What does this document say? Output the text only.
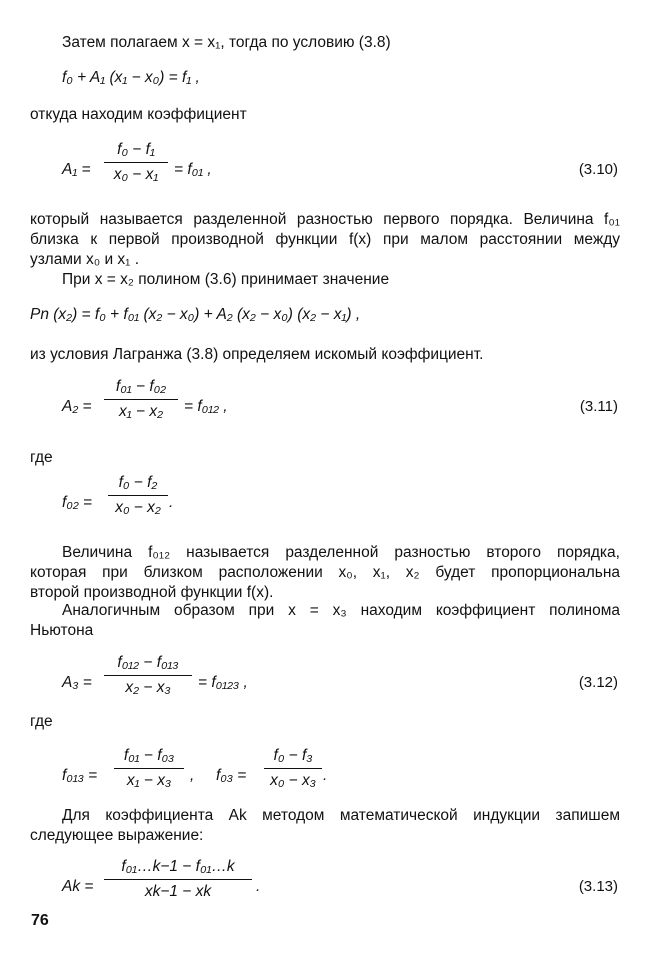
Затем полагаем x = x₁, тогда по условию (3.8)
f₀ + A₁ (x₁ − x₀) = f₁ ,
откуда находим коэффициент
A₁ =
f₀ − f₁
x₀ − x₁	= f₀₁ ,	(3.10)
который называется разделенной разностью первого порядка. Величина f₀₁
близка к первой производной функции f(x) при малом расстоянии между
узлами x₀ и x₁ .
При x = x₂ полином (3.6) принимает значение
Pn (x₂) = f₀ + f₀₁ (x₂ − x₀) + A₂ (x₂ − x₀) (x₂ − x₁) ,
из условия Лагранжа (3.8) определяем искомый коэффициент.
A₂ =
f₀₁ − f₀₂
x₁ − x₂	= f₀₁₂ ,	(3.11)
где
f₀₂ =
f₀ − f₂
x₀ − x₂ .
Величина f₀₁₂ называется разделенной разностью второго порядка,
которая при близком расположении x₀, x₁, x₂ будет пропорциональна
второй производной функции f(x).
Аналогичным образом при x = x₃ находим коэффициент полинома
Ньютона
A₃ =
f₀₁₂ − f₀₁₃
x₂ − x₃	= f₀₁₂₃ ,	(3.12)
где
f₀₁₃ =
f₀₁ − f₀₃
x₁ − x₃	, f₀₃ =
f₀ − f₃
x₀ − x₃ .
Для коэффициента Ak методом математической индукции запишем
следующее выражение:
Ak =
f₀₁…k−1 − f₀₁…k
xk−1 − xk	.	(3.13)
76
